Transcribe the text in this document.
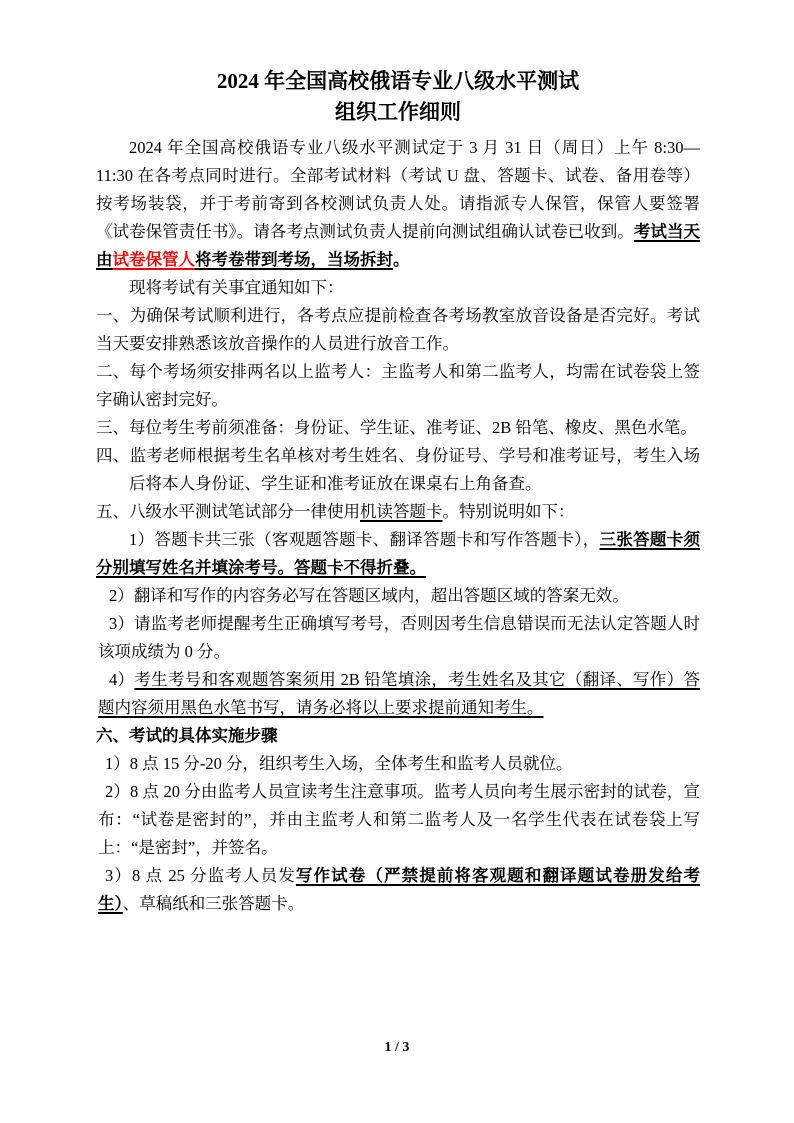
2024 年全国高校俄语专业八级水平测试
组织工作细则

2024 年全国高校俄语专业八级水平测试定于 3 月 31 日（周日）上午 8:30—11:30 在各考点同时进行。全部考试材料（考试 U 盘、答题卡、试卷、备用卷等）按考场装袋，并于考前寄到各校测试负责人处。请指派专人保管，保管人要签署《试卷保管责任书》。请各考点测试负责人提前向测试组确认试卷已收到。考试当天由试卷保管人将考卷带到考场，当场拆封。

现将考试有关事宜通知如下：

一、为确保考试顺利进行，各考点应提前检查各考场教室放音设备是否完好。考试当天要安排熟悉该放音操作的人员进行放音工作。

二、每个考场须安排两名以上监考人：主监考人和第二监考人，均需在试卷袋上签字确认密封完好。

三、每位考生考前须准备：身份证、学生证、准考证、2B 铅笔、橡皮、黑色水笔。

四、监考老师根据考生名单核对考生姓名、身份证号、学号和准考证号，考生入场后将本人身份证、学生证和准考证放在课桌右上角备查。

五、八级水平测试笔试部分一律使用机读答题卡。特别说明如下：

1）答题卡共三张（客观题答题卡、翻译答题卡和写作答题卡），三张答题卡须分别填写姓名并填涂考号。答题卡不得折叠。

2）翻译和写作的内容务必写在答题区域内，超出答题区域的答案无效。

3）请监考老师提醒考生正确填写考号，否则因考生信息错误而无法认定答题人时该项成绩为 0 分。

4）考生考号和客观题答案须用 2B 铅笔填涂，考生姓名及其它（翻译、写作）答题内容须用黑色水笔书写，请务必将以上要求提前通知考生。

六、考试的具体实施步骤

1）8 点 15 分-20 分，组织考生入场，全体考生和监考人员就位。

2）8 点 20 分由监考人员宣读考生注意事项。监考人员向考生展示密封的试卷，宣布：“试卷是密封的”，并由主监考人和第二监考人及一名学生代表在试卷袋上写上：“是密封”，并签名。

3）8 点 25 分监考人员发写作试卷（严禁提前将客观题和翻译题试卷册发给考生）、草稿纸和三张答题卡。

1 / 3
